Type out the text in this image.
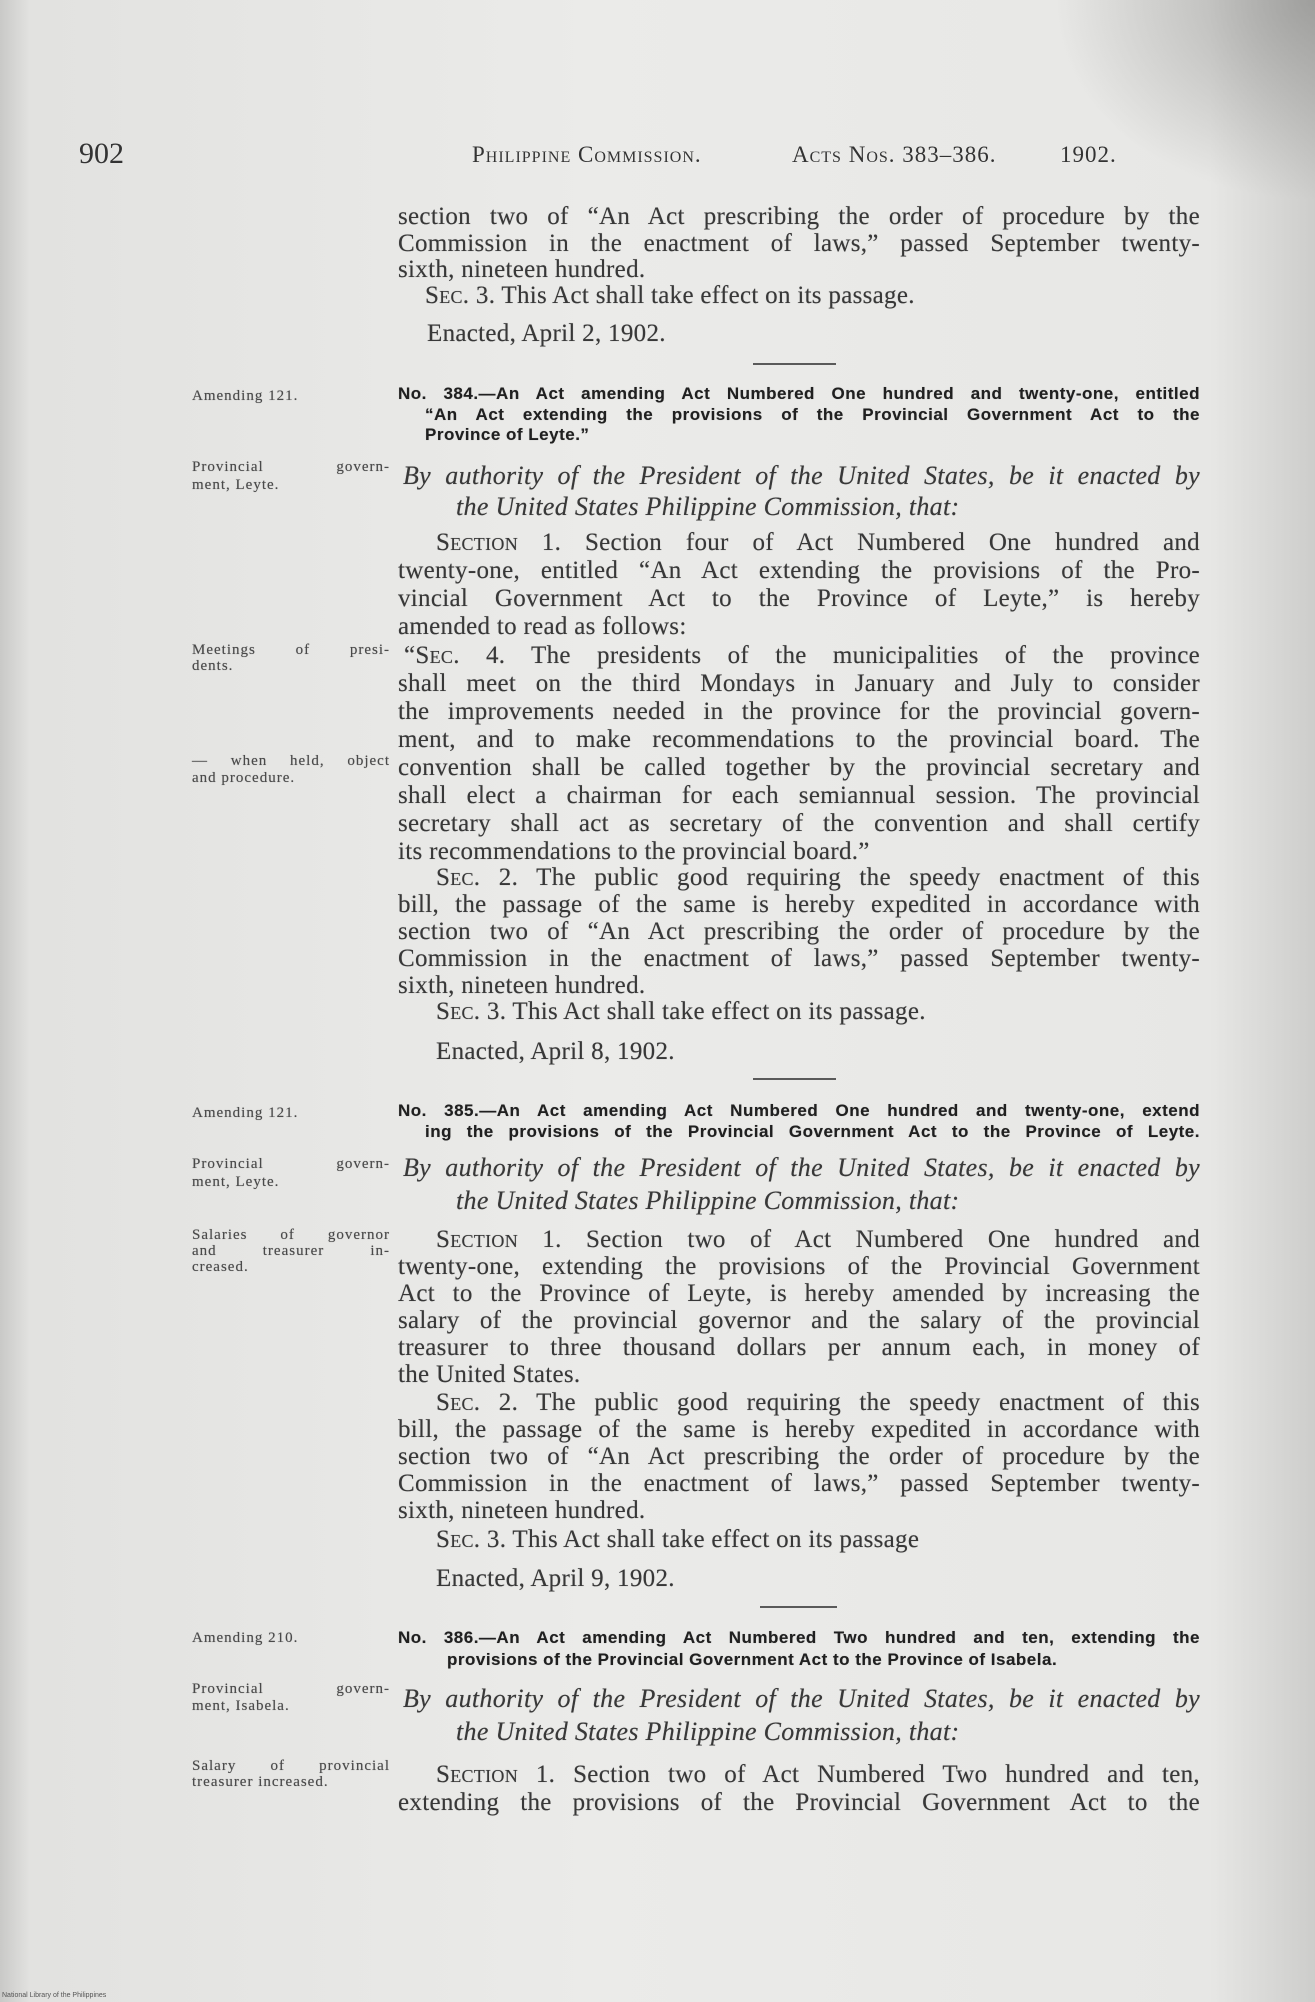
902	Philippine Commission.	Acts Nos. 383–386.	1902.
section two of “An Act prescribing the order of procedure by the
Commission in the enactment of laws,” passed September twenty-
sixth, nineteen hundred.
Sec. 3. This Act shall take effect on its passage.
Enacted, April 2, 1902.
Amending 121.	No. 384.—An Act amending Act Numbered One hundred and twenty-one, entitled
“An Act extending the provisions of the Provincial Government Act to the
Province of Leyte.”
Provincial govern-
ment, Leyte.	By authority of the President of the United States, be it enacted by
the United States Philippine Commission, that:
Section 1. Section four of Act Numbered One hundred and
twenty-one, entitled “An Act extending the provisions of the Pro-
vincial Government Act to the Province of Leyte,” is hereby
amended to read as follows:
Meetings of presi-
dents.	“Sec. 4. The presidents of the municipalities of the province
shall meet on the third Mondays in January and July to consider
the improvements needed in the province for the provincial govern-
ment, and to make recommendations to the provincial board. The
convention shall be called together by the provincial secretary and
shall elect a chairman for each semiannual session. The provincial
secretary shall act as secretary of the convention and shall certify
its recommendations to the provincial board.”
— when held, object
and procedure.
Sec. 2. The public good requiring the speedy enactment of this
bill, the passage of the same is hereby expedited in accordance with
section two of “An Act prescribing the order of procedure by the
Commission in the enactment of laws,” passed September twenty-
sixth, nineteen hundred.
Sec. 3. This Act shall take effect on its passage.
Enacted, April 8, 1902.
Amending 121.	No. 385.—An Act amending Act Numbered One hundred and twenty-one, extend
ing the provisions of the Provincial Government Act to the Province of Leyte.
Provincial govern-
ment, Leyte.	By authority of the President of the United States, be it enacted by
the United States Philippine Commission, that:
Salaries of governor
and treasurer in-
creased.
Section 1. Section two of Act Numbered One hundred and
twenty-one, extending the provisions of the Provincial Government
Act to the Province of Leyte, is hereby amended by increasing the
salary of the provincial governor and the salary of the provincial
treasurer to three thousand dollars per annum each, in money of
the United States.
Sec. 2. The public good requiring the speedy enactment of this
bill, the passage of the same is hereby expedited in accordance with
section two of “An Act prescribing the order of procedure by the
Commission in the enactment of laws,” passed September twenty-
sixth, nineteen hundred.
Sec. 3. This Act shall take effect on its passage
Enacted, April 9, 1902.
Amending 210.	No. 386.—An Act amending Act Numbered Two hundred and ten, extending the
provisions of the Provincial Government Act to the Province of Isabela.
Provincial govern-
ment, Isabela.	By authority of the President of the United States, be it enacted by
the United States Philippine Commission, that:
Salary of provincial
treasurer increased.	Section 1. Section two of Act Numbered Two hundred and ten,
extending the provisions of the Provincial Government Act to the
National Library of the Philippines
